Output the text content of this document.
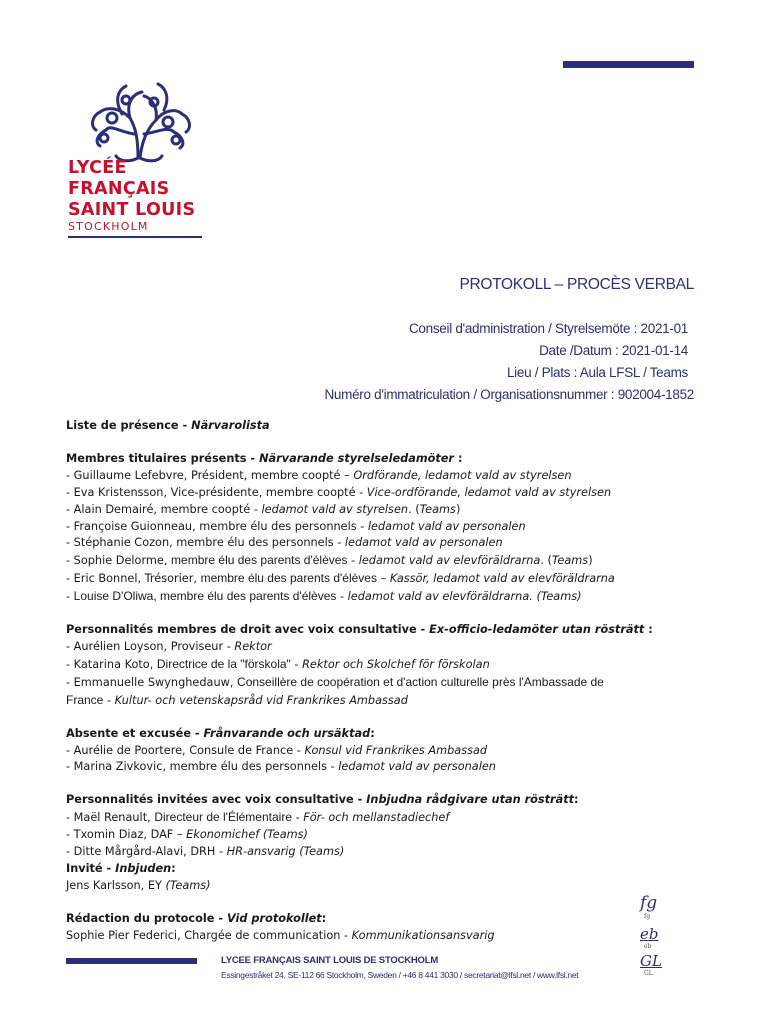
LYCÉE
FRANÇAIS
SAINT LOUIS
STOCKHOLM
PROTOKOLL – PROCÈS VERBAL
Conseil d'administration / Styrelsemöte : 2021-01
Date /Datum : 2021-01-14
Lieu / Plats : Aula LFSL / Teams
Numéro d'immatriculation / Organisationsnummer : 902004-1852

Liste de présence - Närvarolista

Membres titulaires présents - Närvarande styrelseledamöter :

- Guillaume Lefebvre, Président, membre coopté – Ordförande, ledamot vald av styrelsen

- Eva Kristensson, Vice-présidente, membre coopté - Vice-ordförande, ledamot vald av styrelsen

- Alain Demairé, membre coopté - ledamot vald av styrelsen. (Teams)

- Françoise Guionneau, membre élu des personnels - ledamot vald av personalen

- Stéphanie Cozon, membre élu des personnels - ledamot vald av personalen

- Sophie Delorme, membre élu des parents d'élèves - ledamot vald av elevföräldrarna. (Teams)

- Eric Bonnel, Trésorier, membre élu des parents d'élèves – Kassör, ledamot vald av elevföräldrarna

- Louise D'Oliwa, membre élu des parents d'élèves - ledamot vald av elevföräldrarna. (Teams)

Personnalités membres de droit avec voix consultative - Ex-officio-ledamöter utan rösträtt :

- Aurélien Loyson, Proviseur - Rektor

- Katarina Koto, Directrice de la "förskola" - Rektor och Skolchef för förskolan

- Emmanuelle Swynghedauw, Conseillère de coopération et d'action culturelle près l'Ambassade de

France - Kultur- och vetenskapsråd vid Frankrikes Ambassad

Absente et excusée - Frånvarande och ursäktad:

- Aurélie de Poortere, Consule de France - Konsul vid Frankrikes Ambassad

- Marina Zivkovic, membre élu des personnels - ledamot vald av personalen

Personnalités invitées avec voix consultative - Inbjudna rådgivare utan rösträtt:

- Maël Renault, Directeur de l'Élémentaire - För- och mellanstadiechef

- Txomin Diaz, DAF – Ekonomichef (Teams)

- Ditte Mårgård-Alavi, DRH - HR-ansvarig (Teams)

Invité - Inbjuden:

Jens Karlsson, EY (Teams)

Rédaction du protocole - Vid protokollet:

Sophie Pier Federici, Chargée de communication - Kommunikationsansvarig

fg
fg
eb
eb
GL
GL
LYCEE FRANÇAIS SAINT LOUIS DE STOCKHOLM
Essingestråket 24, SE-112 66 Stockholm, Sweden / +46 8 441 3030 / secretariat@lfsl.net / www.lfsl.net
